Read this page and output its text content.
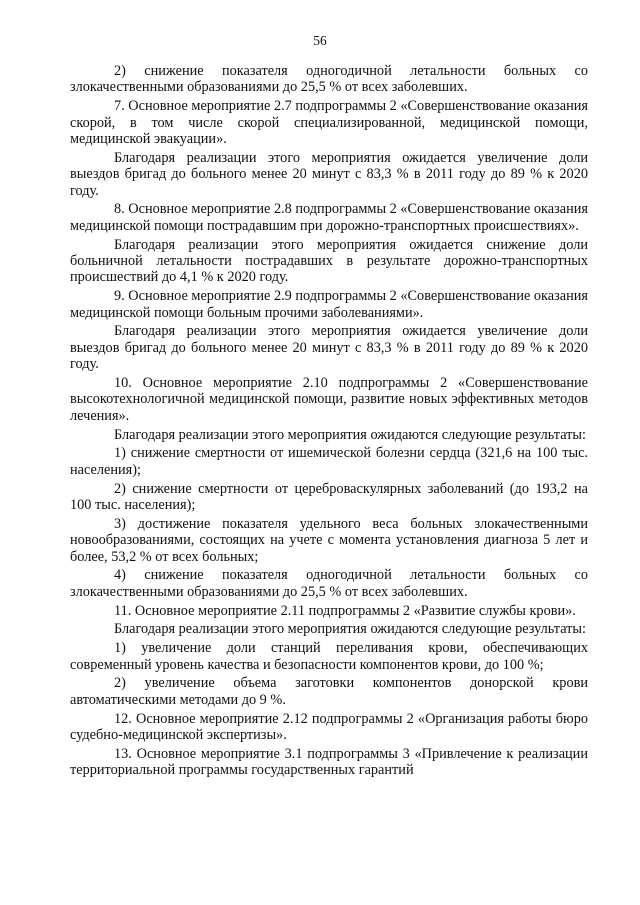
56

2) снижение показателя одногодичной летальности больных со злокачественными образованиями до 25,5 % от всех заболевших.

7. Основное мероприятие 2.7 подпрограммы 2 «Совершенствование оказания скорой, в том числе скорой специализированной, медицинской помощи, медицинской эвакуации».

Благодаря реализации этого мероприятия ожидается увеличение доли выездов бригад до больного менее 20 минут с 83,3 % в 2011 году до 89 % к 2020 году.

8. Основное мероприятие 2.8 подпрограммы 2 «Совершенствование оказания медицинской помощи пострадавшим при дорожно-транспортных происшествиях».

Благодаря реализации этого мероприятия ожидается снижение доли больничной летальности пострадавших в результате дорожно-транспортных происшествий до 4,1 % к 2020 году.

9. Основное мероприятие 2.9 подпрограммы 2 «Совершенствование оказания медицинской помощи больным прочими заболеваниями».

Благодаря реализации этого мероприятия ожидается увеличение доли выездов бригад до больного менее 20 минут с 83,3 % в 2011 году до 89 % к 2020 году.

10. Основное мероприятие 2.10 подпрограммы 2 «Совершенствование высокотехнологичной медицинской помощи, развитие новых эффективных методов лечения».

Благодаря реализации этого мероприятия ожидаются следующие результаты:

1) снижение смертности от ишемической болезни сердца (321,6 на 100 тыс. населения);

2) снижение смертности от цереброваскулярных заболеваний (до 193,2 на 100 тыс. населения);

3) достижение показателя удельного веса больных злокачественными новообразованиями, состоящих на учете с момента установления диагноза 5 лет и более, 53,2 % от всех больных;

4) снижение показателя одногодичной летальности больных со злокачественными образованиями до 25,5 % от всех заболевших.

11. Основное мероприятие 2.11 подпрограммы 2 «Развитие службы крови».

Благодаря реализации этого мероприятия ожидаются следующие результаты:

1) увеличение доли станций переливания крови, обеспечивающих современный уровень качества и безопасности компонентов крови, до 100 %;

2) увеличение объема заготовки компонентов донорской крови автоматическими методами до 9 %.

12. Основное мероприятие 2.12 подпрограммы 2 «Организация работы бюро судебно-медицинской экспертизы».

13. Основное мероприятие 3.1 подпрограммы 3 «Привлечение к реализации территориальной программы государственных гарантий
